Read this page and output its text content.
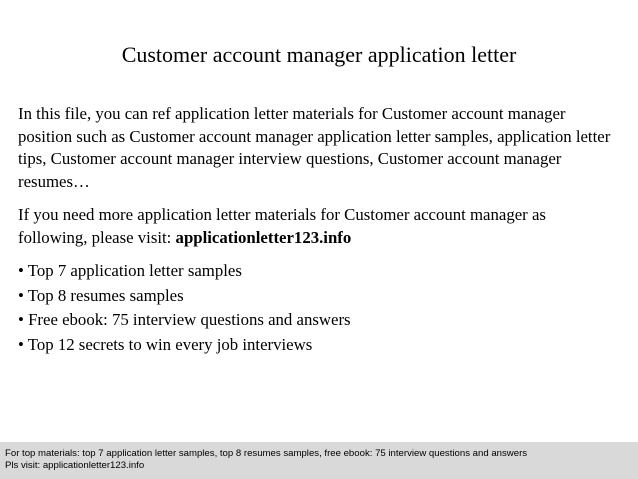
Customer account manager application letter

In this file, you can ref application letter materials for Customer account manager position such as Customer account manager application letter samples, application letter tips, Customer account manager interview questions, Customer account manager resumes…

If you need more application letter materials for Customer account manager as following, please visit: applicationletter123.info

• Top 7 application letter samples
• Top 8 resumes samples
• Free ebook: 75 interview questions and answers
• Top 12 secrets to win every job interviews
For top materials: top 7 application letter samples, top 8 resumes samples, free ebook: 75 interview questions and answers
Pls visit: applicationletter123.info
